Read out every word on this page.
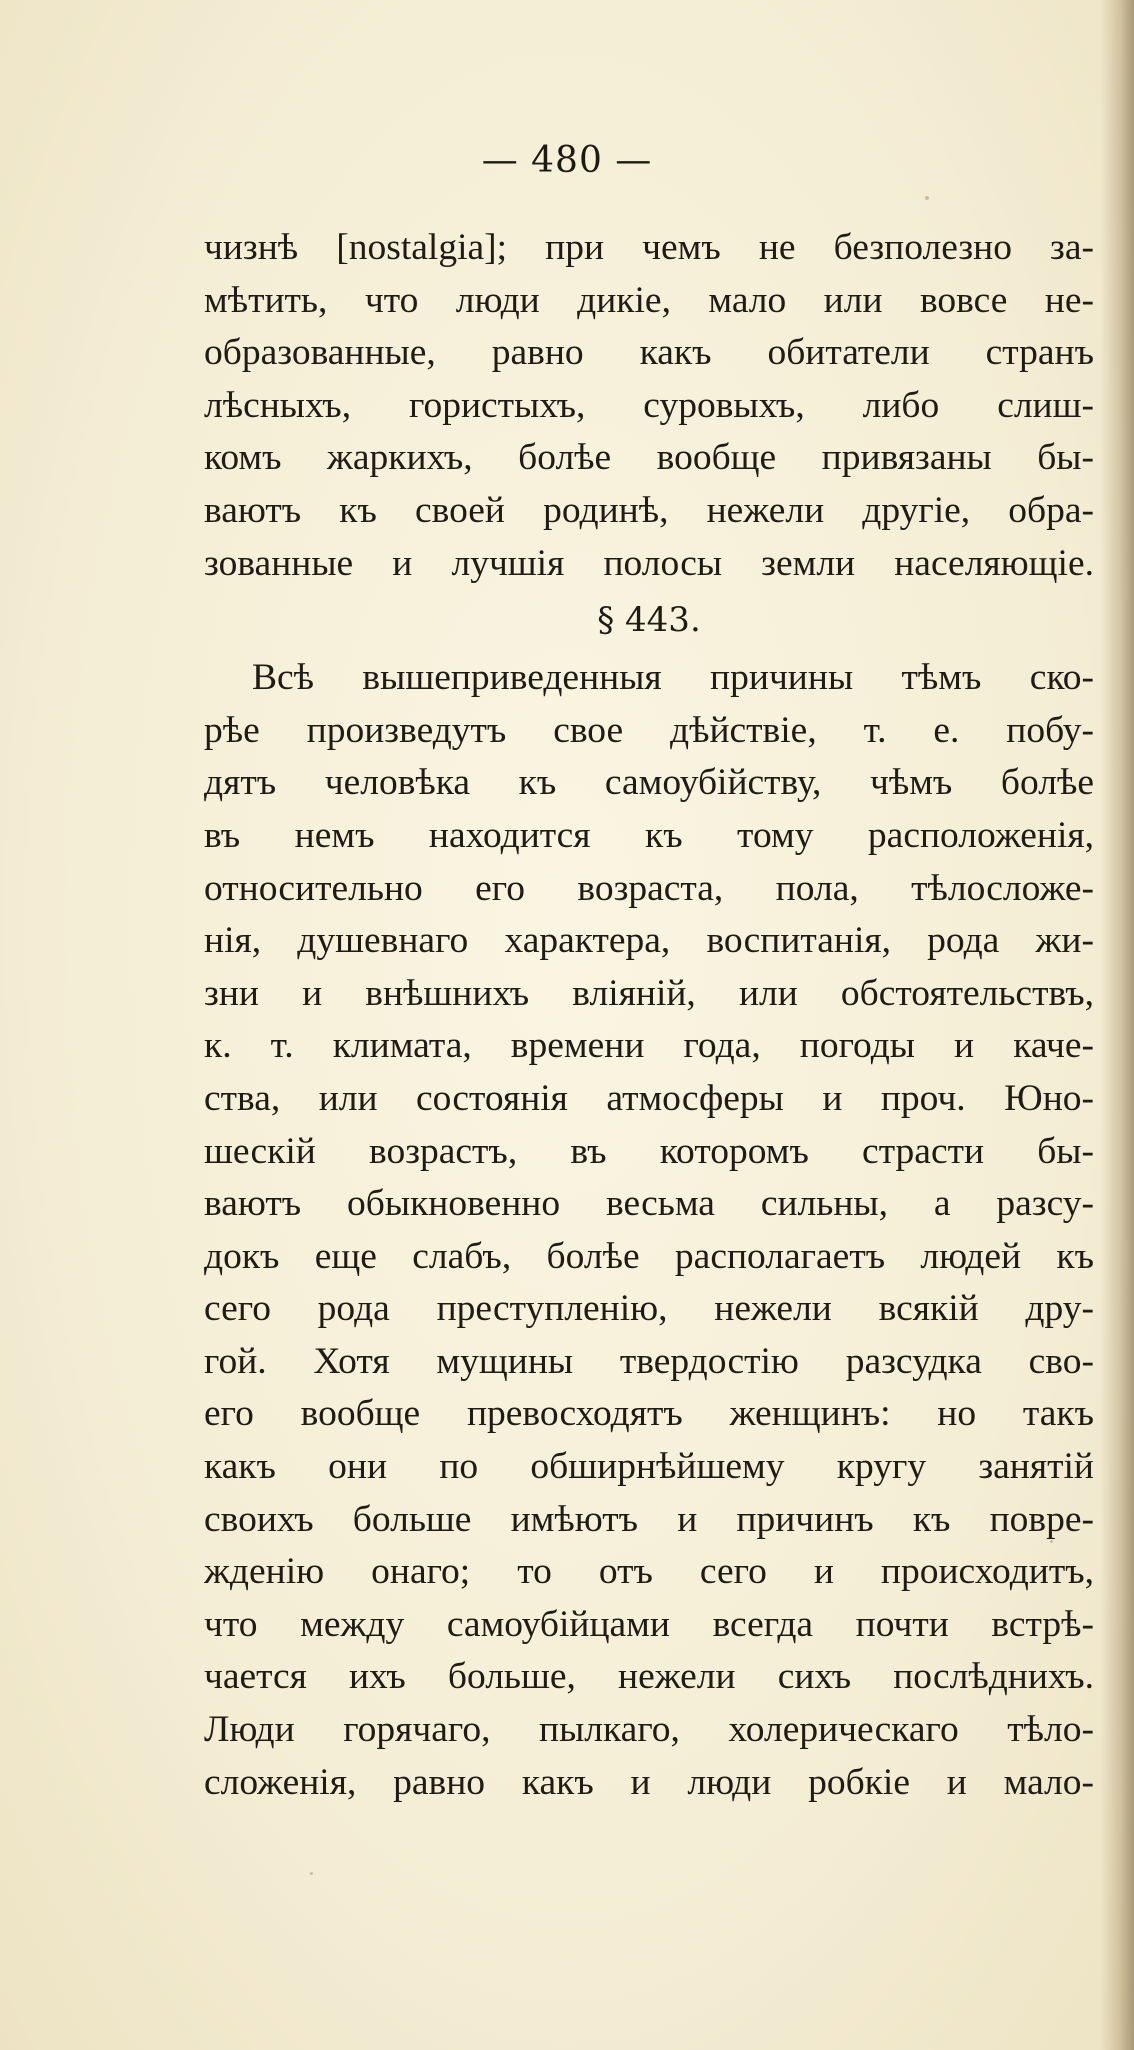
— 480 —
чизнѣ [nostalgia]; при чемъ не безполезно за-
мѣтить, что люди дикіе, мало или вовсе не-
образованные, равно какъ обитатели странъ
лѣсныхъ, гористыхъ, суровыхъ, либо слиш-
комъ жаркихъ, болѣе вообще привязаны бы-
ваютъ къ своей родинѣ, нежели другіе, обра-
зованные и лучшія полосы земли населяющіе.
§ 443.
Всѣ вышеприведенныя причины тѣмъ ско-
рѣе произведутъ свое дѣйствіе, т. е. побу-
дятъ человѣка къ самоубійству, чѣмъ болѣе
въ немъ находится къ тому расположенія,
относительно его возраста, пола, тѣлосложе-
нія, душевнаго характера, воспитанія, рода жи-
зни и внѣшнихъ вліяній, или обстоятельствъ,
к. т. климата, времени года, погоды и каче-
ства, или состоянія атмосферы и проч. Юно-
шескій возрастъ, въ которомъ страсти бы-
ваютъ обыкновенно весьма сильны, а разсу-
докъ еще слабъ, болѣе располагаетъ людей къ
сего рода преступленію, нежели всякій дру-
гой. Хотя мущины твердостію разсудка сво-
его вообще превосходятъ женщинъ: но такъ
какъ они по обширнѣйшему кругу занятій
своихъ больше имѣютъ и причинъ къ повре-
жденію онаго; то отъ сего и происходитъ,
что между самоубійцами всегда почти встрѣ-
чается ихъ больше, нежели сихъ послѣднихъ.
Люди горячаго, пылкаго, холерическаго тѣло-
сложенія, равно какъ и люди робкіе и мало-
